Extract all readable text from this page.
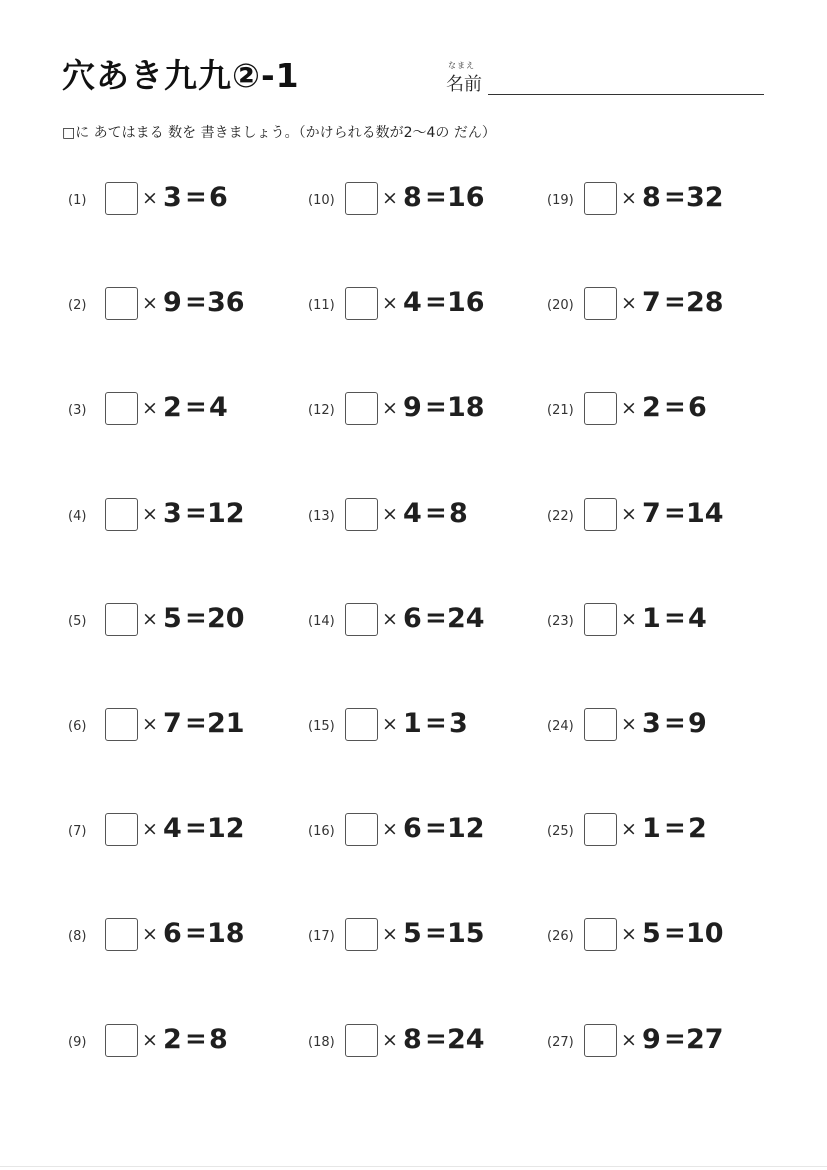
穴あき九九②-1	なまえ
名前
□に あてはまる 数を 書きましょう。（かけられる数が2〜4の だん）
(1)	× 3 = 6
(2)	× 9 = 36
(3)	× 2 = 4
(4)	× 3 = 12
(5)	× 5 = 20
(6)	× 7 = 21
(7)	× 4 = 12
(8)	× 6 = 18
(9)	× 2 = 8
(10) × 8 = 16
(11) × 4 = 16
(12) × 9 = 18
(13) × 4 = 8
(14) × 6 = 24
(15) × 1 = 3
(16) × 6 = 12
(17) × 5 = 15
(18) × 8 = 24
(19) × 8 = 32
(20) × 7 = 28
(21) × 2 = 6
(22) × 7 = 14
(23) × 1 = 4
(24) × 3 = 9
(25) × 1 = 2
(26) × 5 = 10
(27) × 9 = 27
